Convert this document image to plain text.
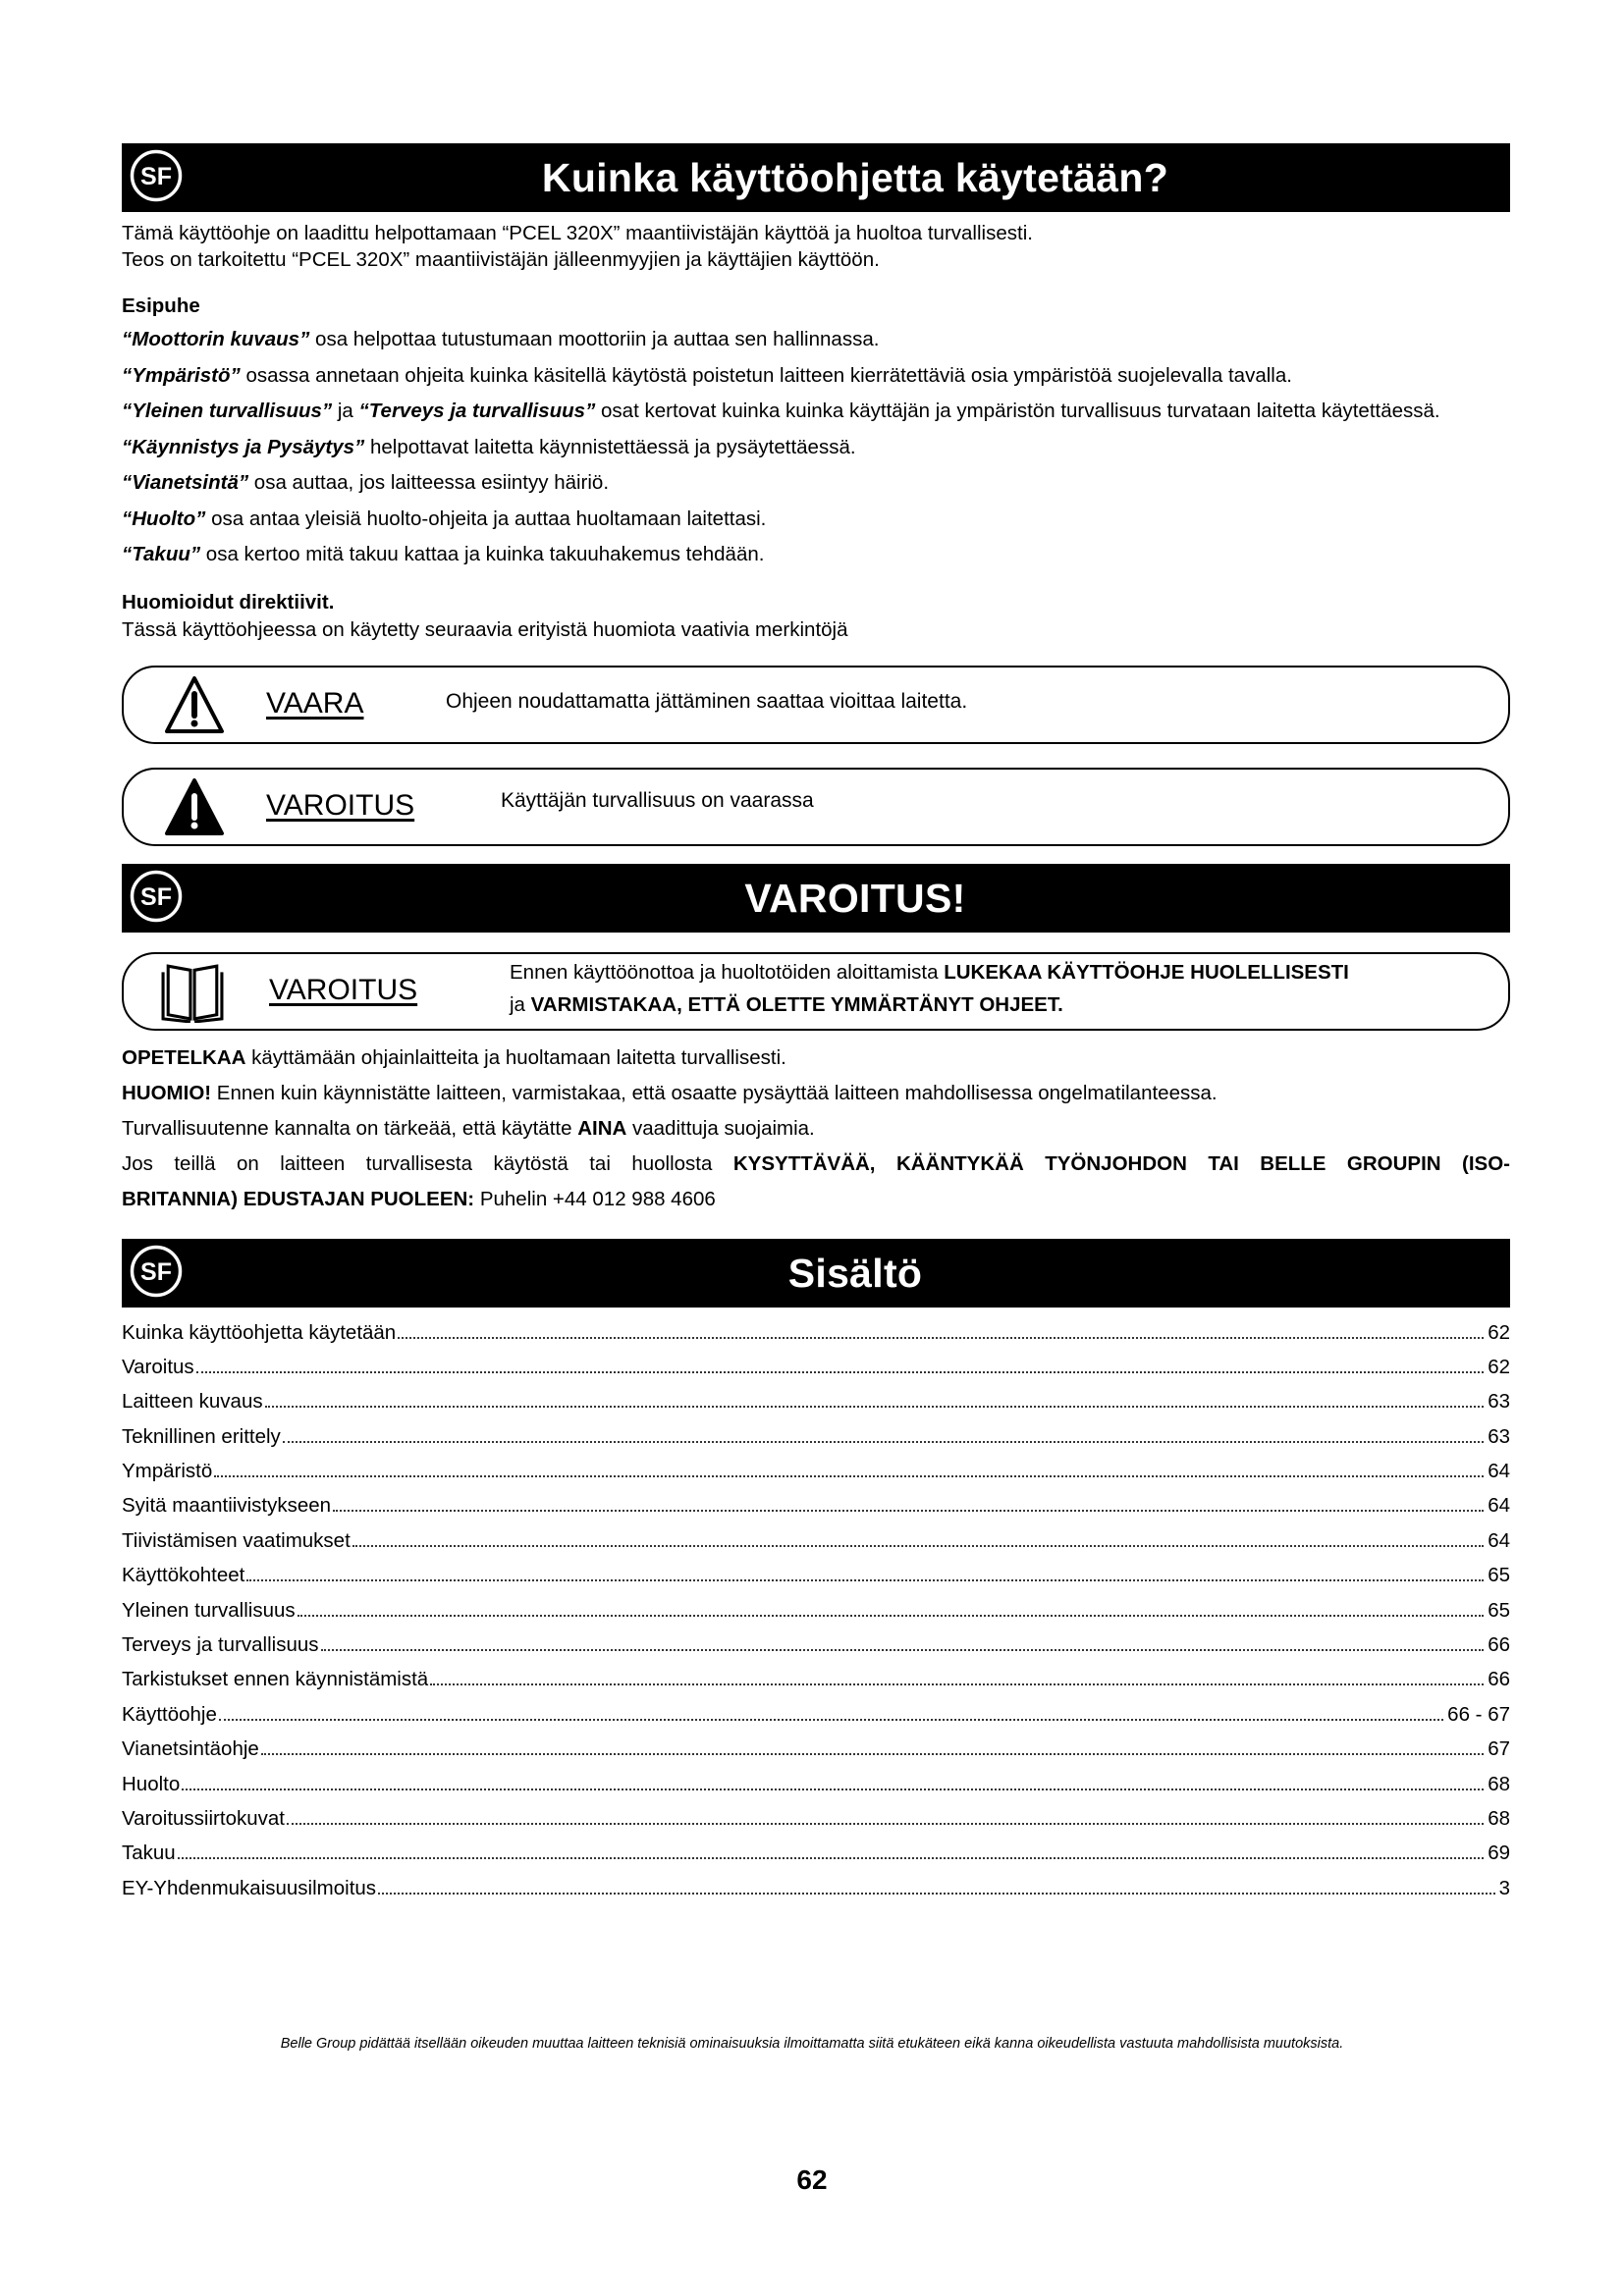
SF	Kuinka käyttöohjetta käytetään?

Tämä käyttöohje on laadittu helpottamaan “PCEL 320X” maantiivistäjän käyttöä ja huoltoa turvallisesti.

Teos on tarkoitettu “PCEL 320X” maantiivistäjän jälleenmyyjien ja käyttäjien käyttöön.

Esipuhe

“Moottorin kuvaus” osa helpottaa tutustumaan moottoriin ja auttaa sen hallinnassa.

“Ympäristö” osassa annetaan ohjeita kuinka käsitellä käytöstä poistetun laitteen kierrätettäviä osia ympäristöä suojelevalla tavalla.

“Yleinen turvallisuus” ja “Terveys ja turvallisuus” osat kertovat kuinka kuinka käyttäjän ja ympäristön turvallisuus turvataan laitetta käytettäessä.

“Käynnistys ja Pysäytys” helpottavat laitetta käynnistettäessä ja pysäytettäessä.

“Vianetsintä” osa auttaa, jos laitteessa esiintyy häiriö.

“Huolto” osa antaa yleisiä huolto-ohjeita ja auttaa huoltamaan laitettasi.

“Takuu” osa kertoo mitä takuu kattaa ja kuinka takuuhakemus tehdään.

Huomioidut direktiivit.

Tässä käyttöohjeessa on käytetty seuraavia erityistä huomiota vaativia merkintöjä

VAARA	Ohjeen noudattamatta jättäminen saattaa vioittaa laitetta.
VAROITUS	Käyttäjän turvallisuus on vaarassa
SF	VAROITUS!
VAROITUS
Ennen käyttöönottoa ja huoltotöiden aloittamista LUKEKAA KÄYTTÖOHJE HUOLELLISESTI
ja VARMISTAKAA, ETTÄ OLETTE YMMÄRTÄNYT OHJEET.

OPETELKAA käyttämään ohjainlaitteita ja huoltamaan laitetta turvallisesti.

HUOMIO! Ennen kuin käynnistätte laitteen, varmistakaa, että osaatte pysäyttää laitteen mahdollisessa ongelmatilanteessa.

Turvallisuutenne kannalta on tärkeää, että käytätte AINA vaadittuja suojaimia.

Jos teillä on laitteen turvallisesta käytöstä tai huollosta KYSYTTÄVÄÄ, KÄÄNTYKÄÄ TYÖNJOHDON TAI BELLE GROUPIN (ISO-

BRITANNIA) EDUSTAJAN PUOLEEN: Puhelin +44 012 988 4606

SF	Sisältö
Kuinka käyttöohjetta käytetään	62
Varoitus	62
Laitteen kuvaus	63
Teknillinen erittely	63
Ympäristö	64
Syitä maantiivistykseen	64
Tiivistämisen vaatimukset	64
Käyttökohteet	65
Yleinen turvallisuus	65
Terveys ja turvallisuus	66
Tarkistukset ennen käynnistämistä	66
Käyttöohje	66 - 67
Vianetsintäohje	67
Huolto	68
Varoitussiirtokuvat	68
Takuu	69
EY-Yhdenmukaisuusilmoitus	3
Belle Group pidättää itsellään oikeuden muuttaa laitteen teknisiä ominaisuuksia ilmoittamatta siitä etukäteen eikä kanna oikeudellista vastuuta mahdollisista muutoksista.
62
